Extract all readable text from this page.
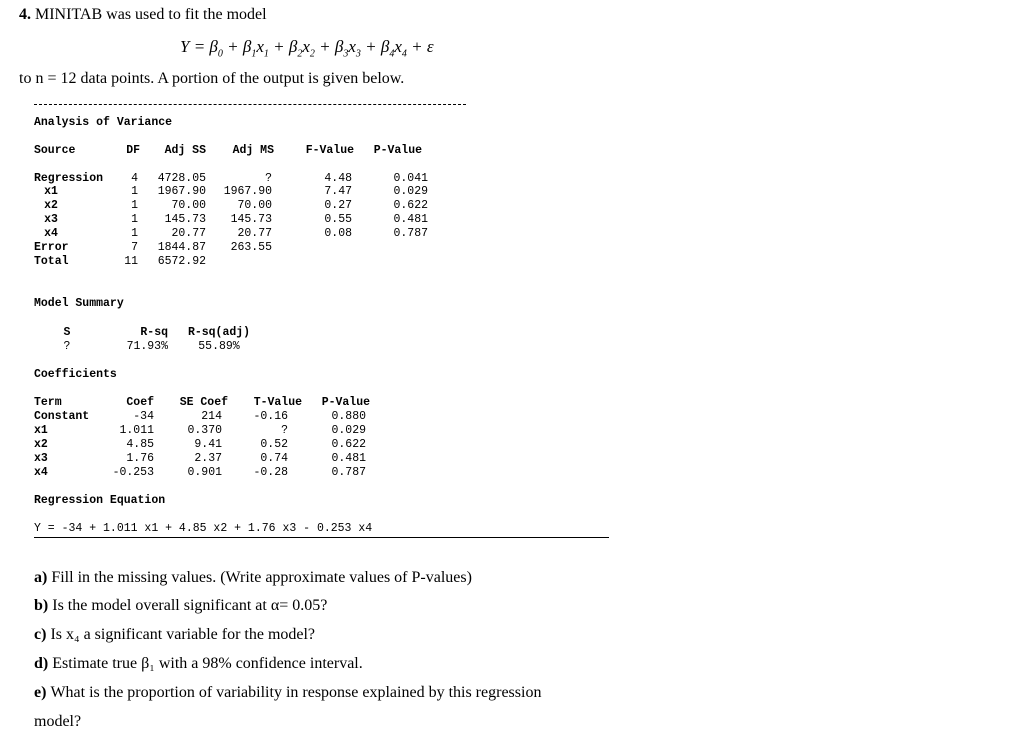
4. MINITAB was used to fit the model
$Y = \beta_0 + \beta_1x_1 + \beta_2x_2 + \beta_3x_3 + \beta_4x_4 + \varepsilon$
to n = 12 data points. A portion of the output is given below.
Analysis of Variance
Source	DF	Adj SS	Adj MS	F-Value	P-Value
Regression	4	4728.05	?	4.48	0.041
x1	1	1967.90	1967.90	7.47	0.029
x2	1	70.00	70.00	0.27	0.622
x3	1	145.73	145.73	0.55	0.481
x4	1	20.77	20.77	0.08	0.787
Error	7	1844.87	263.55
Total	11	6572.92
Model Summary
S	R-sq	R-sq(adj)
?	71.93%	55.89%
Coefficients
Term	Coef	SE Coef	T-Value	P-Value
Constant	-34	214	-0.16	0.880
x1	1.011	0.370	?	0.029
x2	4.85	9.41	0.52	0.622
x3	1.76	2.37	0.74	0.481
x4	-0.253	0.901	-0.28	0.787
Regression Equation
Y = -34 + 1.011 x1 + 4.85 x2 + 1.76 x3 - 0.253 x4
a) Fill in the missing values. (Write approximate values of P-values)
b) Is the model overall significant at α= 0.05?
c) Is x₄ a significant variable for the model?
d) Estimate true β₁ with a 98% confidence interval.
e) What is the proportion of variability in response explained by this regression
model?
